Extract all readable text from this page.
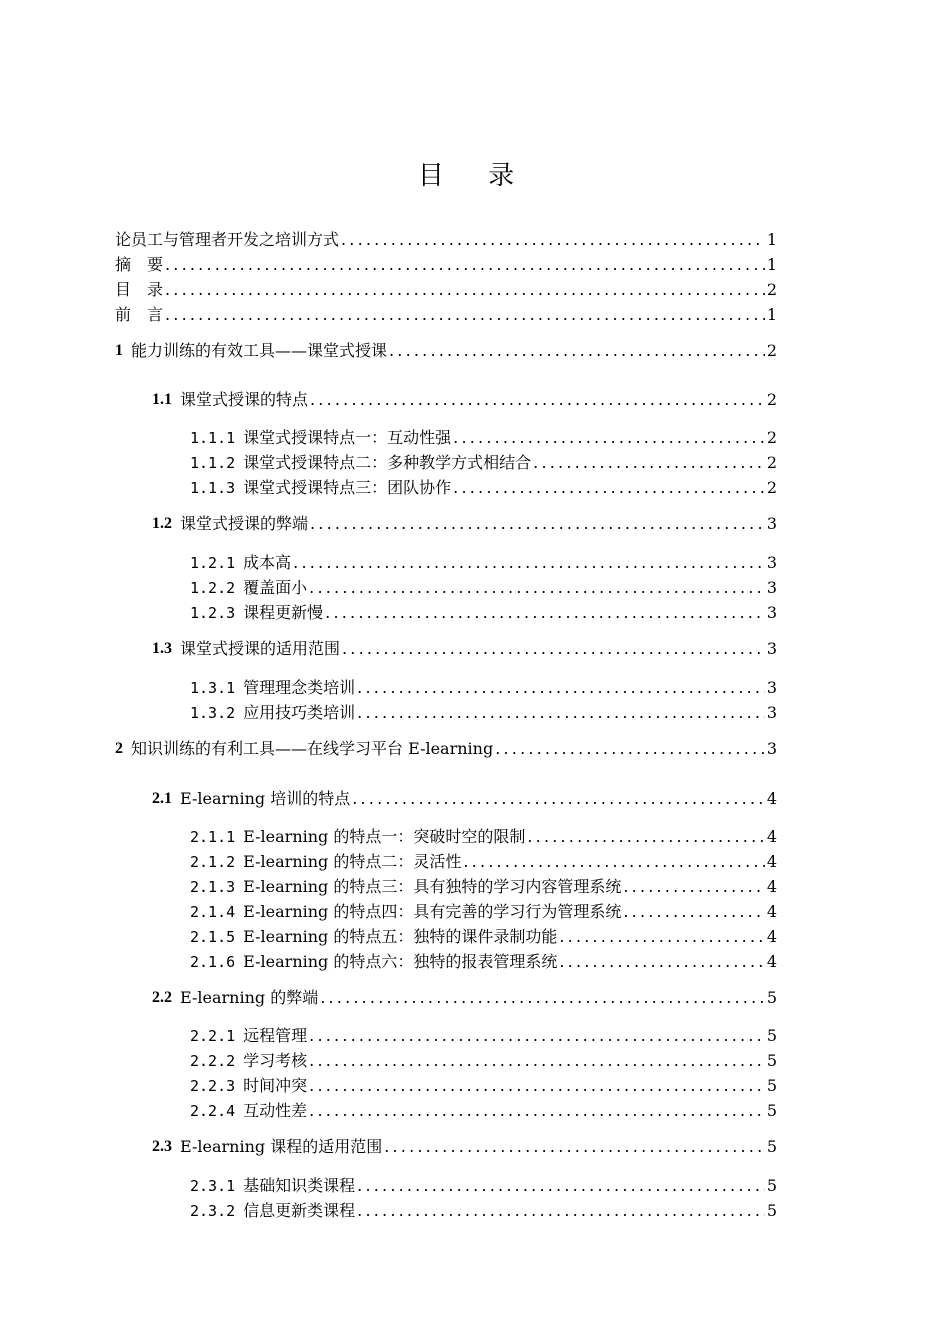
目 录
论员工与管理者开发之培训方式 .....	1
摘　要 .....	1
目　录 .....	2
前　言 .....	1
1 能力训练的有效工具——课堂式授课 .....	2
1.1 课堂式授课的特点 .....	2
1.1.1 课堂式授课特点一：互动性强 .....	2
1.1.2 课堂式授课特点二：多种教学方式相结合 .....	2
1.1.3 课堂式授课特点三：团队协作 .....	2
1.2 课堂式授课的弊端 .....	3
1.2.1 成本高 .....	3
1.2.2 覆盖面小 .....	3
1.2.3 课程更新慢 .....	3
1.3 课堂式授课的适用范围 .....	3
1.3.1 管理理念类培训 .....	3
1.3.2 应用技巧类培训 .....	3
2 知识训练的有利工具——在线学习平台 E-learning .....	3
2.1 E-learning 培训的特点 .....	4
2.1.1 E-learning 的特点一：突破时空的限制 .....	4
2.1.2 E-learning 的特点二：灵活性 .....	4
2.1.3 E-learning 的特点三：具有独特的学习内容管理系统 .....	4
2.1.4 E-learning 的特点四：具有完善的学习行为管理系统 .....	4
2.1.5 E-learning 的特点五：独特的课件录制功能 .....	4
2.1.6 E-learning 的特点六：独特的报表管理系统 .....	4
2.2 E-learning 的弊端 .....	5
2.2.1 远程管理 .....	5
2.2.2 学习考核 .....	5
2.2.3 时间冲突 .....	5
2.2.4 互动性差 .....	5
2.3 E-learning 课程的适用范围 .....	5
2.3.1 基础知识类课程 .....	5
2.3.2 信息更新类课程 .....	5
